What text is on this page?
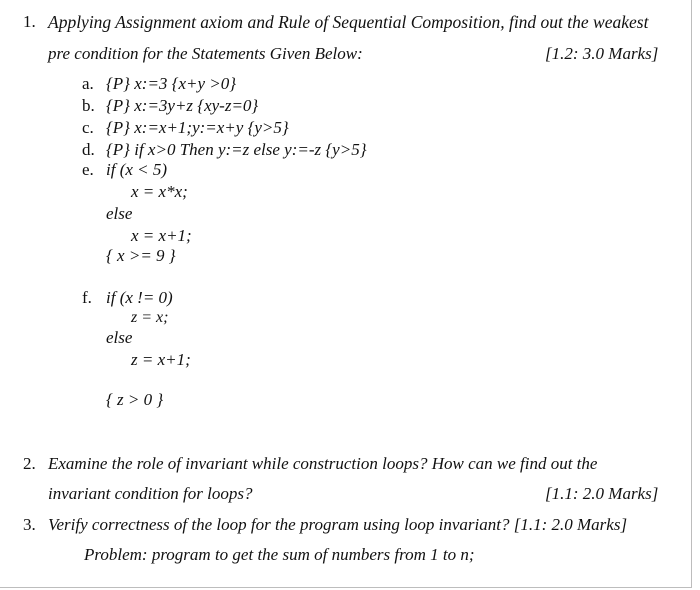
1. Applying Assignment axiom and Rule of Sequential Composition, find out the weakest
pre condition for the Statements Given Below:	[1.2: 3.0 Marks]
a. {P} x:=3 {x+y >0}
b. {P} x:=3y+z {xy-z=0}
c. {P} x:=x+1;y:=x+y {y>5}
d. {P} if x>0 Then y:=z else y:=-z {y>5}
e. if (x < 5)
x = x*x;
else
x = x+1;
{ x >= 9 }
f. if (x != 0)
z = x;
else
z = x+1;
{ z > 0 }
2. Examine the role of invariant while construction loops? How can we find out the
invariant condition for loops?	[1.1: 2.0 Marks]
3. Verify correctness of the loop for the program using loop invariant? [1.1: 2.0 Marks]
Problem: program to get the sum of numbers from 1 to n;
